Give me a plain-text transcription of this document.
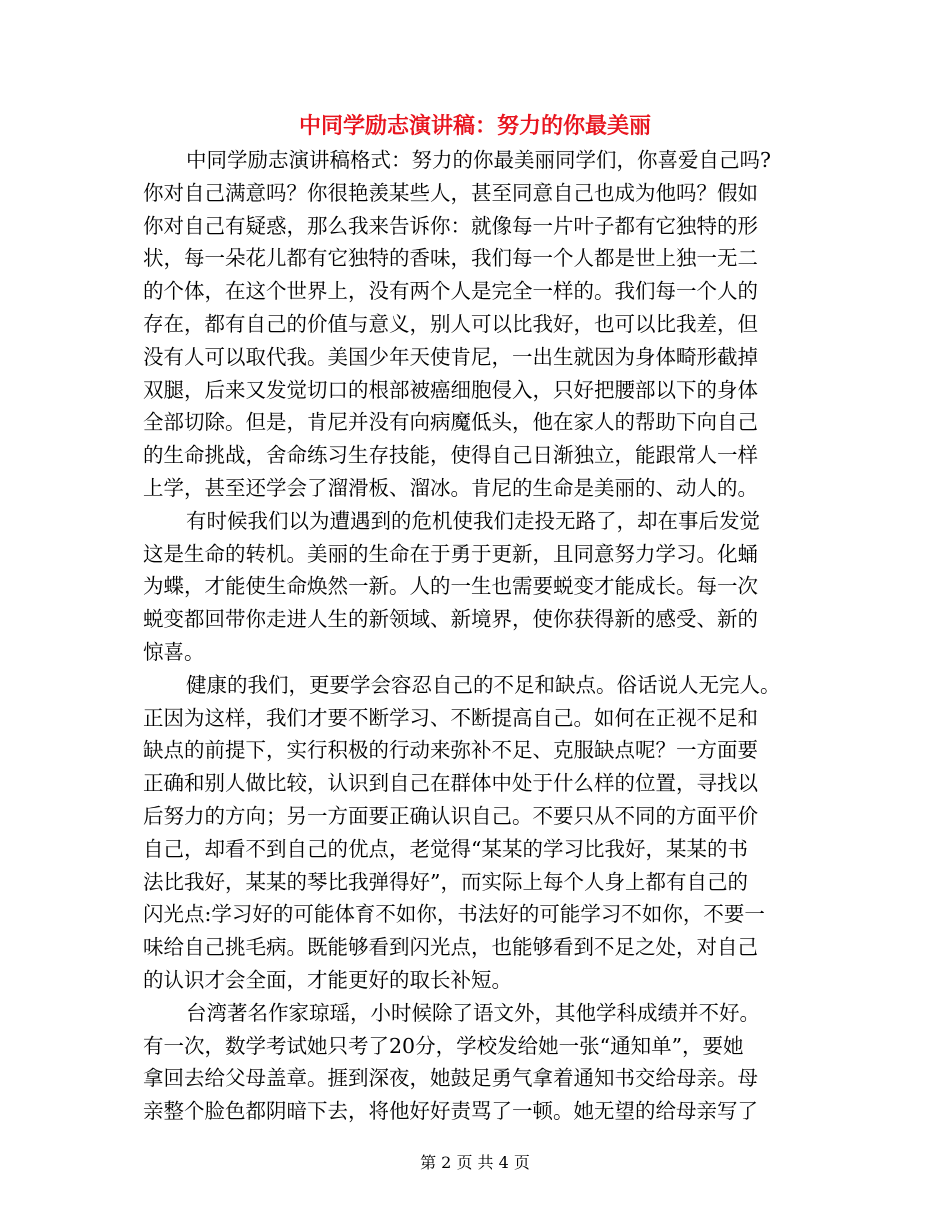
中同学励志演讲稿：努力的你最美丽
中同学励志演讲稿格式：努力的你最美丽同学们，你喜爱自己吗?
你对自己满意吗？你很艳羡某些人，甚至同意自己也成为他吗？假如
你对自己有疑惑，那么我来告诉你：就像每一片叶子都有它独特的形
状，每一朵花儿都有它独特的香味，我们每一个人都是世上独一无二
的个体，在这个世界上，没有两个人是完全一样的。我们每一个人的
存在，都有自己的价值与意义，别人可以比我好，也可以比我差，但
没有人可以取代我。美国少年天使肯尼，一出生就因为身体畸形截掉
双腿，后来又发觉切口的根部被癌细胞侵入，只好把腰部以下的身体
全部切除。但是，肯尼并没有向病魔低头，他在家人的帮助下向自己
的生命挑战，舍命练习生存技能，使得自己日渐独立，能跟常人一样
上学，甚至还学会了溜滑板、溜冰。肯尼的生命是美丽的、动人的。
有时候我们以为遭遇到的危机使我们走投无路了，却在事后发觉
这是生命的转机。美丽的生命在于勇于更新，且同意努力学习。化蛹
为蝶，才能使生命焕然一新。人的一生也需要蜕变才能成长。每一次
蜕变都回带你走进人生的新领域、新境界，使你获得新的感受、新的
惊喜。
健康的我们，更要学会容忍自己的不足和缺点。俗话说人无完人。
正因为这样，我们才要不断学习、不断提高自己。如何在正视不足和
缺点的前提下，实行积极的行动来弥补不足、克服缺点呢？一方面要
正确和别人做比较，认识到自己在群体中处于什么样的位置，寻找以
后努力的方向；另一方面要正确认识自己。不要只从不同的方面平价
自己，却看不到自己的优点，老觉得“某某的学习比我好，某某的书
法比我好，某某的琴比我弹得好”，而实际上每个人身上都有自己的
闪光点:学习好的可能体育不如你，书法好的可能学习不如你，不要一
味给自己挑毛病。既能够看到闪光点，也能够看到不足之处，对自己
的认识才会全面，才能更好的取长补短。
台湾著名作家琼瑶，小时候除了语文外，其他学科成绩并不好。
有一次，数学考试她只考了20分，学校发给她一张“通知单”，要她
拿回去给父母盖章。捱到深夜，她鼓足勇气拿着通知书交给母亲。母
亲整个脸色都阴暗下去，将他好好责骂了一顿。她无望的给母亲写了
第 2 页 共 4 页
